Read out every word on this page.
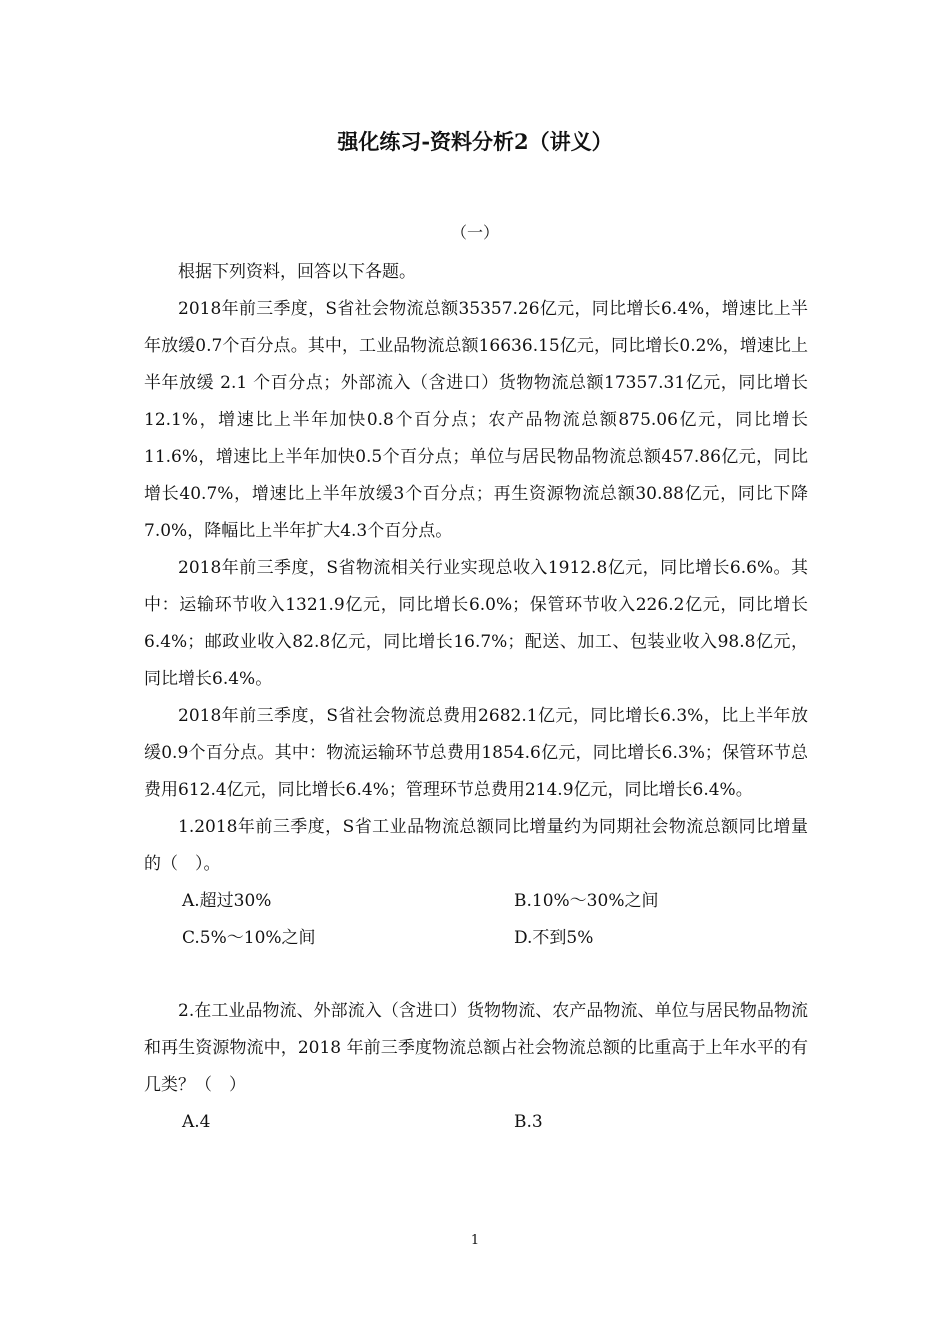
强化练习-资料分析2（讲义）
（一）

根据下列资料，回答以下各题。

2018年前三季度，S省社会物流总额35357.26亿元，同比增长6.4%，增速比上半年放缓0.7个百分点。其中，工业品物流总额16636.15亿元，同比增长0.2%，增速比上半年放缓 2.1 个百分点；外部流入（含进口）货物物流总额17357.31亿元，同比增长12.1%，增速比上半年加快0.8个百分点；农产品物流总额875.06亿元，同比增长11.6%，增速比上半年加快0.5个百分点；单位与居民物品物流总额457.86亿元，同比增长40.7%，增速比上半年放缓3个百分点；再生资源物流总额30.88亿元，同比下降7.0%，降幅比上半年扩大4.3个百分点。

2018年前三季度，S省物流相关行业实现总收入1912.8亿元，同比增长6.6%。其中：运输环节收入1321.9亿元，同比增长6.0%；保管环节收入226.2亿元，同比增长6.4%；邮政业收入82.8亿元，同比增长16.7%；配送、加工、包装业收入98.8亿元，同比增长6.4%。

2018年前三季度，S省社会物流总费用2682.1亿元，同比增长6.3%，比上半年放缓0.9个百分点。其中：物流运输环节总费用1854.6亿元，同比增长6.3%；保管环节总费用612.4亿元，同比增长6.4%；管理环节总费用214.9亿元，同比增长6.4%。

1.2018年前三季度，S省工业品物流总额同比增量约为同期社会物流总额同比增量的（　）。

A.超过30%	B.10%～30%之间
C.5%～10%之间	D.不到5%

2.在工业品物流、外部流入（含进口）货物物流、农产品物流、单位与居民物品物流和再生资源物流中，2018 年前三季度物流总额占社会物流总额的比重高于上年水平的有几类？（　）

A.4	B.3
1
